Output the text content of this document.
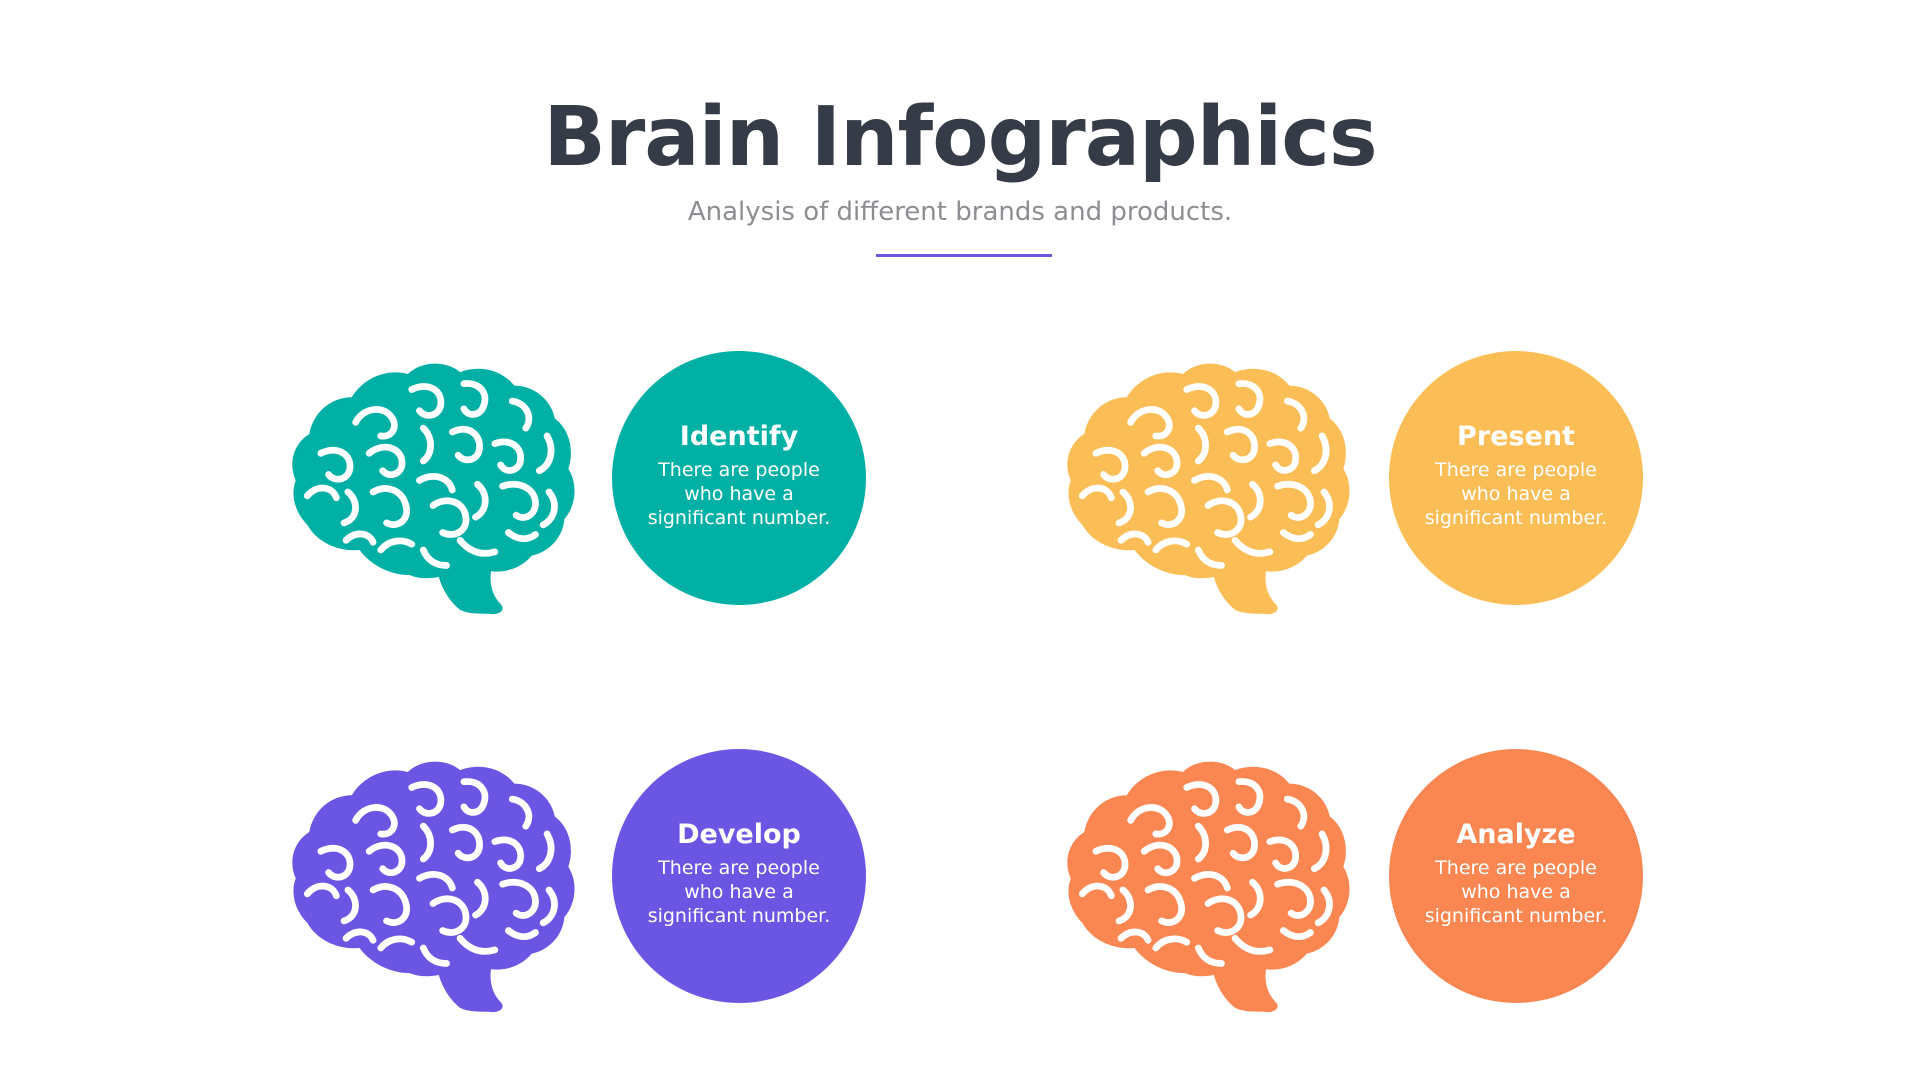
Brain Infographics
Analysis of different brands and products.
Identify
There are people who have a significant number.
Present
There are people who have a significant number.
Develop
There are people who have a significant number.
Analyze
There are people who have a significant number.
